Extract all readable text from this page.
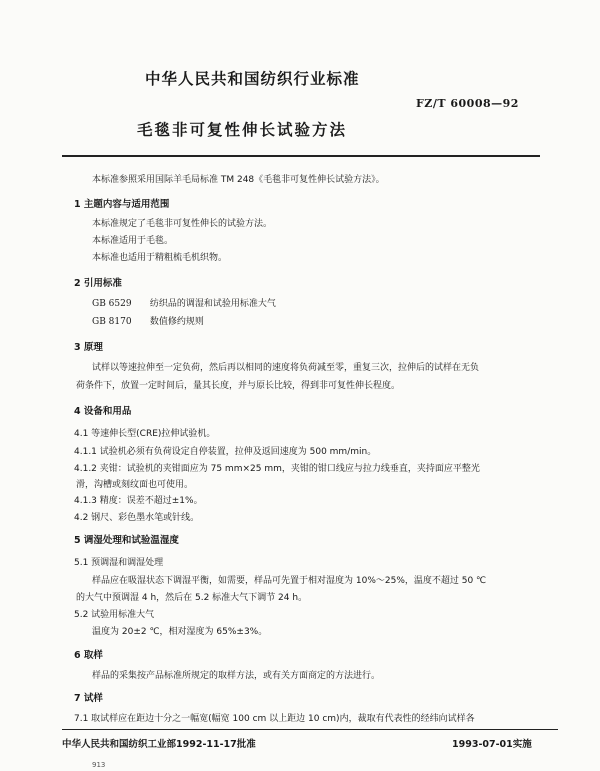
中华人民共和国纺织行业标准
FZ/T 60008—92
毛毯非可复性伸长试验方法
本标准参照采用国际羊毛局标准 TM 248《毛毯非可复性伸长试验方法》。
1 主题内容与适用范围
本标准规定了毛毯非可复性伸长的试验方法。
本标准适用于毛毯。
本标准也适用于精粗梳毛机织物。
2 引用标准
GB 6529 纺织品的调湿和试验用标准大气
GB 8170 数值修约规则
3 原理
试样以等速拉伸至一定负荷，然后再以相同的速度将负荷减至零，重复三次，拉伸后的试样在无负
荷条件下，放置一定时间后，量其长度，并与原长比较，得到非可复性伸长程度。
4 设备和用品
4.1 等速伸长型(CRE)拉伸试验机。
4.1.1 试验机必须有负荷设定自停装置，拉伸及返回速度为 500 mm/min。
4.1.2 夹钳：试验机的夹钳面应为 75 mm×25 mm，夹钳的钳口线应与拉力线垂直，夹持面应平整光
滑，沟槽或刻纹面也可使用。
4.1.3 精度：误差不超过±1%。
4.2 钢尺、彩色墨水笔或针线。
5 调湿处理和试验温湿度
5.1 预调湿和调湿处理
样品应在吸湿状态下调湿平衡，如需要，样品可先置于相对湿度为 10%～25%，温度不超过 50 ℃
的大气中预调湿 4 h，然后在 5.2 标准大气下调节 24 h。
5.2 试验用标准大气
温度为 20±2 ℃，相对湿度为 65%±3%。
6 取样
样品的采集按产品标准所规定的取样方法，或有关方面商定的方法进行。
7 试样
7.1 取试样应在距边十分之一幅宽(幅宽 100 cm 以上距边 10 cm)内，裁取有代表性的经纬向试样各
中华人民共和国纺织工业部1992-11-17批准	1993-07-01实施
913
